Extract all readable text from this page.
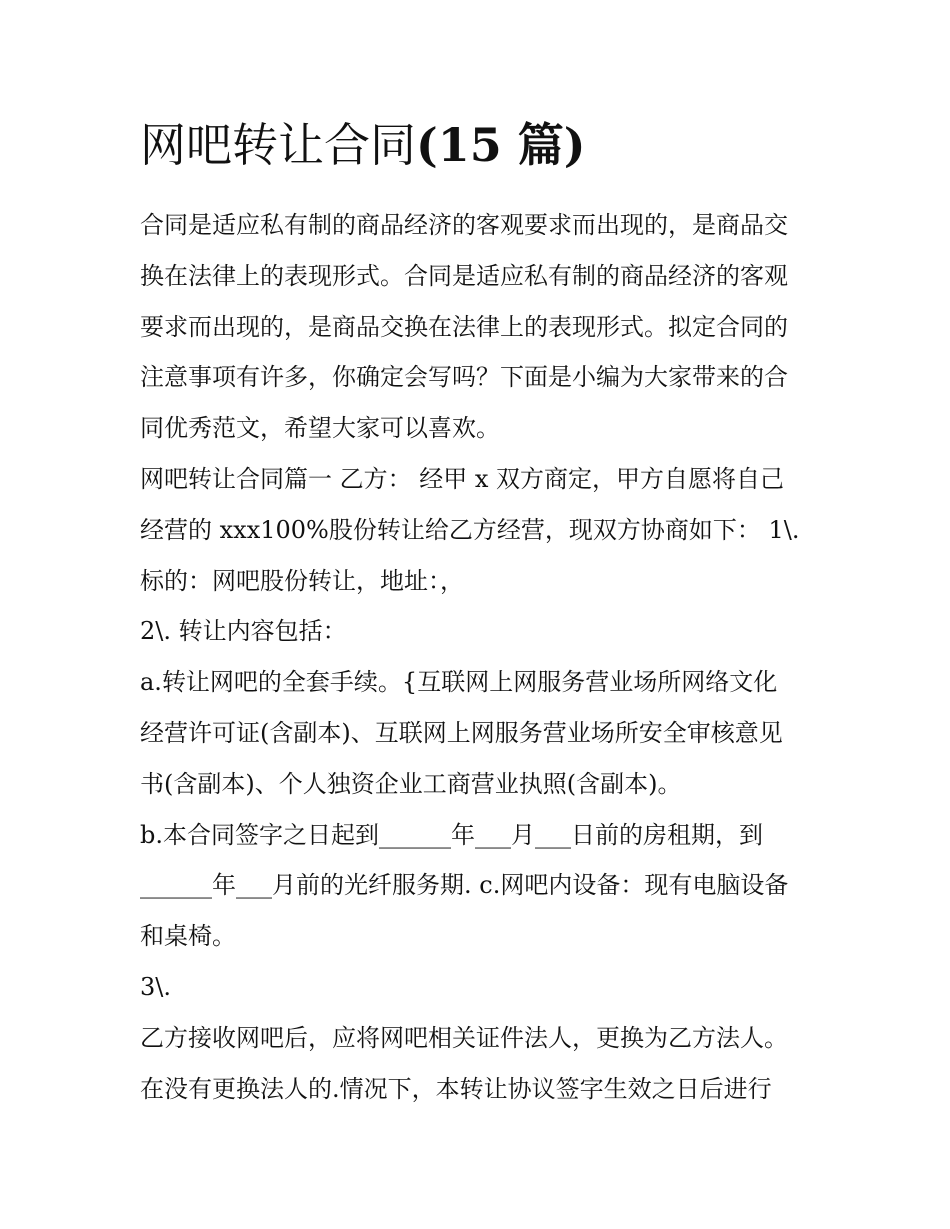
网吧转让合同(15 篇)
合同是适应私有制的商品经济的客观要求而出现的，是商品交
换在法律上的表现形式。合同是适应私有制的商品经济的客观
要求而出现的，是商品交换在法律上的表现形式。拟定合同的
注意事项有许多，你确定会写吗？下面是小编为大家带来的合
同优秀范文，希望大家可以喜欢。
网吧转让合同篇一 乙方： 经甲 x 双方商定，甲方自愿将自己
经营的 xxx100%股份转让给乙方经营，现双方协商如下： 1\.
标的：网吧股份转让，地址：，
2\. 转让内容包括：
a.转让网吧的全套手续。{互联网上网服务营业场所网络文化
经营许可证(含副本)、互联网上网服务营业场所安全审核意见
书(含副本)、个人独资企业工商营业执照(含副本)。
b.本合同签字之日起到______年___月___日前的房租期，到
______年___月前的光纤服务期. c.网吧内设备：现有电脑设备
和桌椅。
3\.
乙方接收网吧后，应将网吧相关证件法人，更换为乙方法人。
在没有更换法人的.情况下，本转让协议签字生效之日后进行
